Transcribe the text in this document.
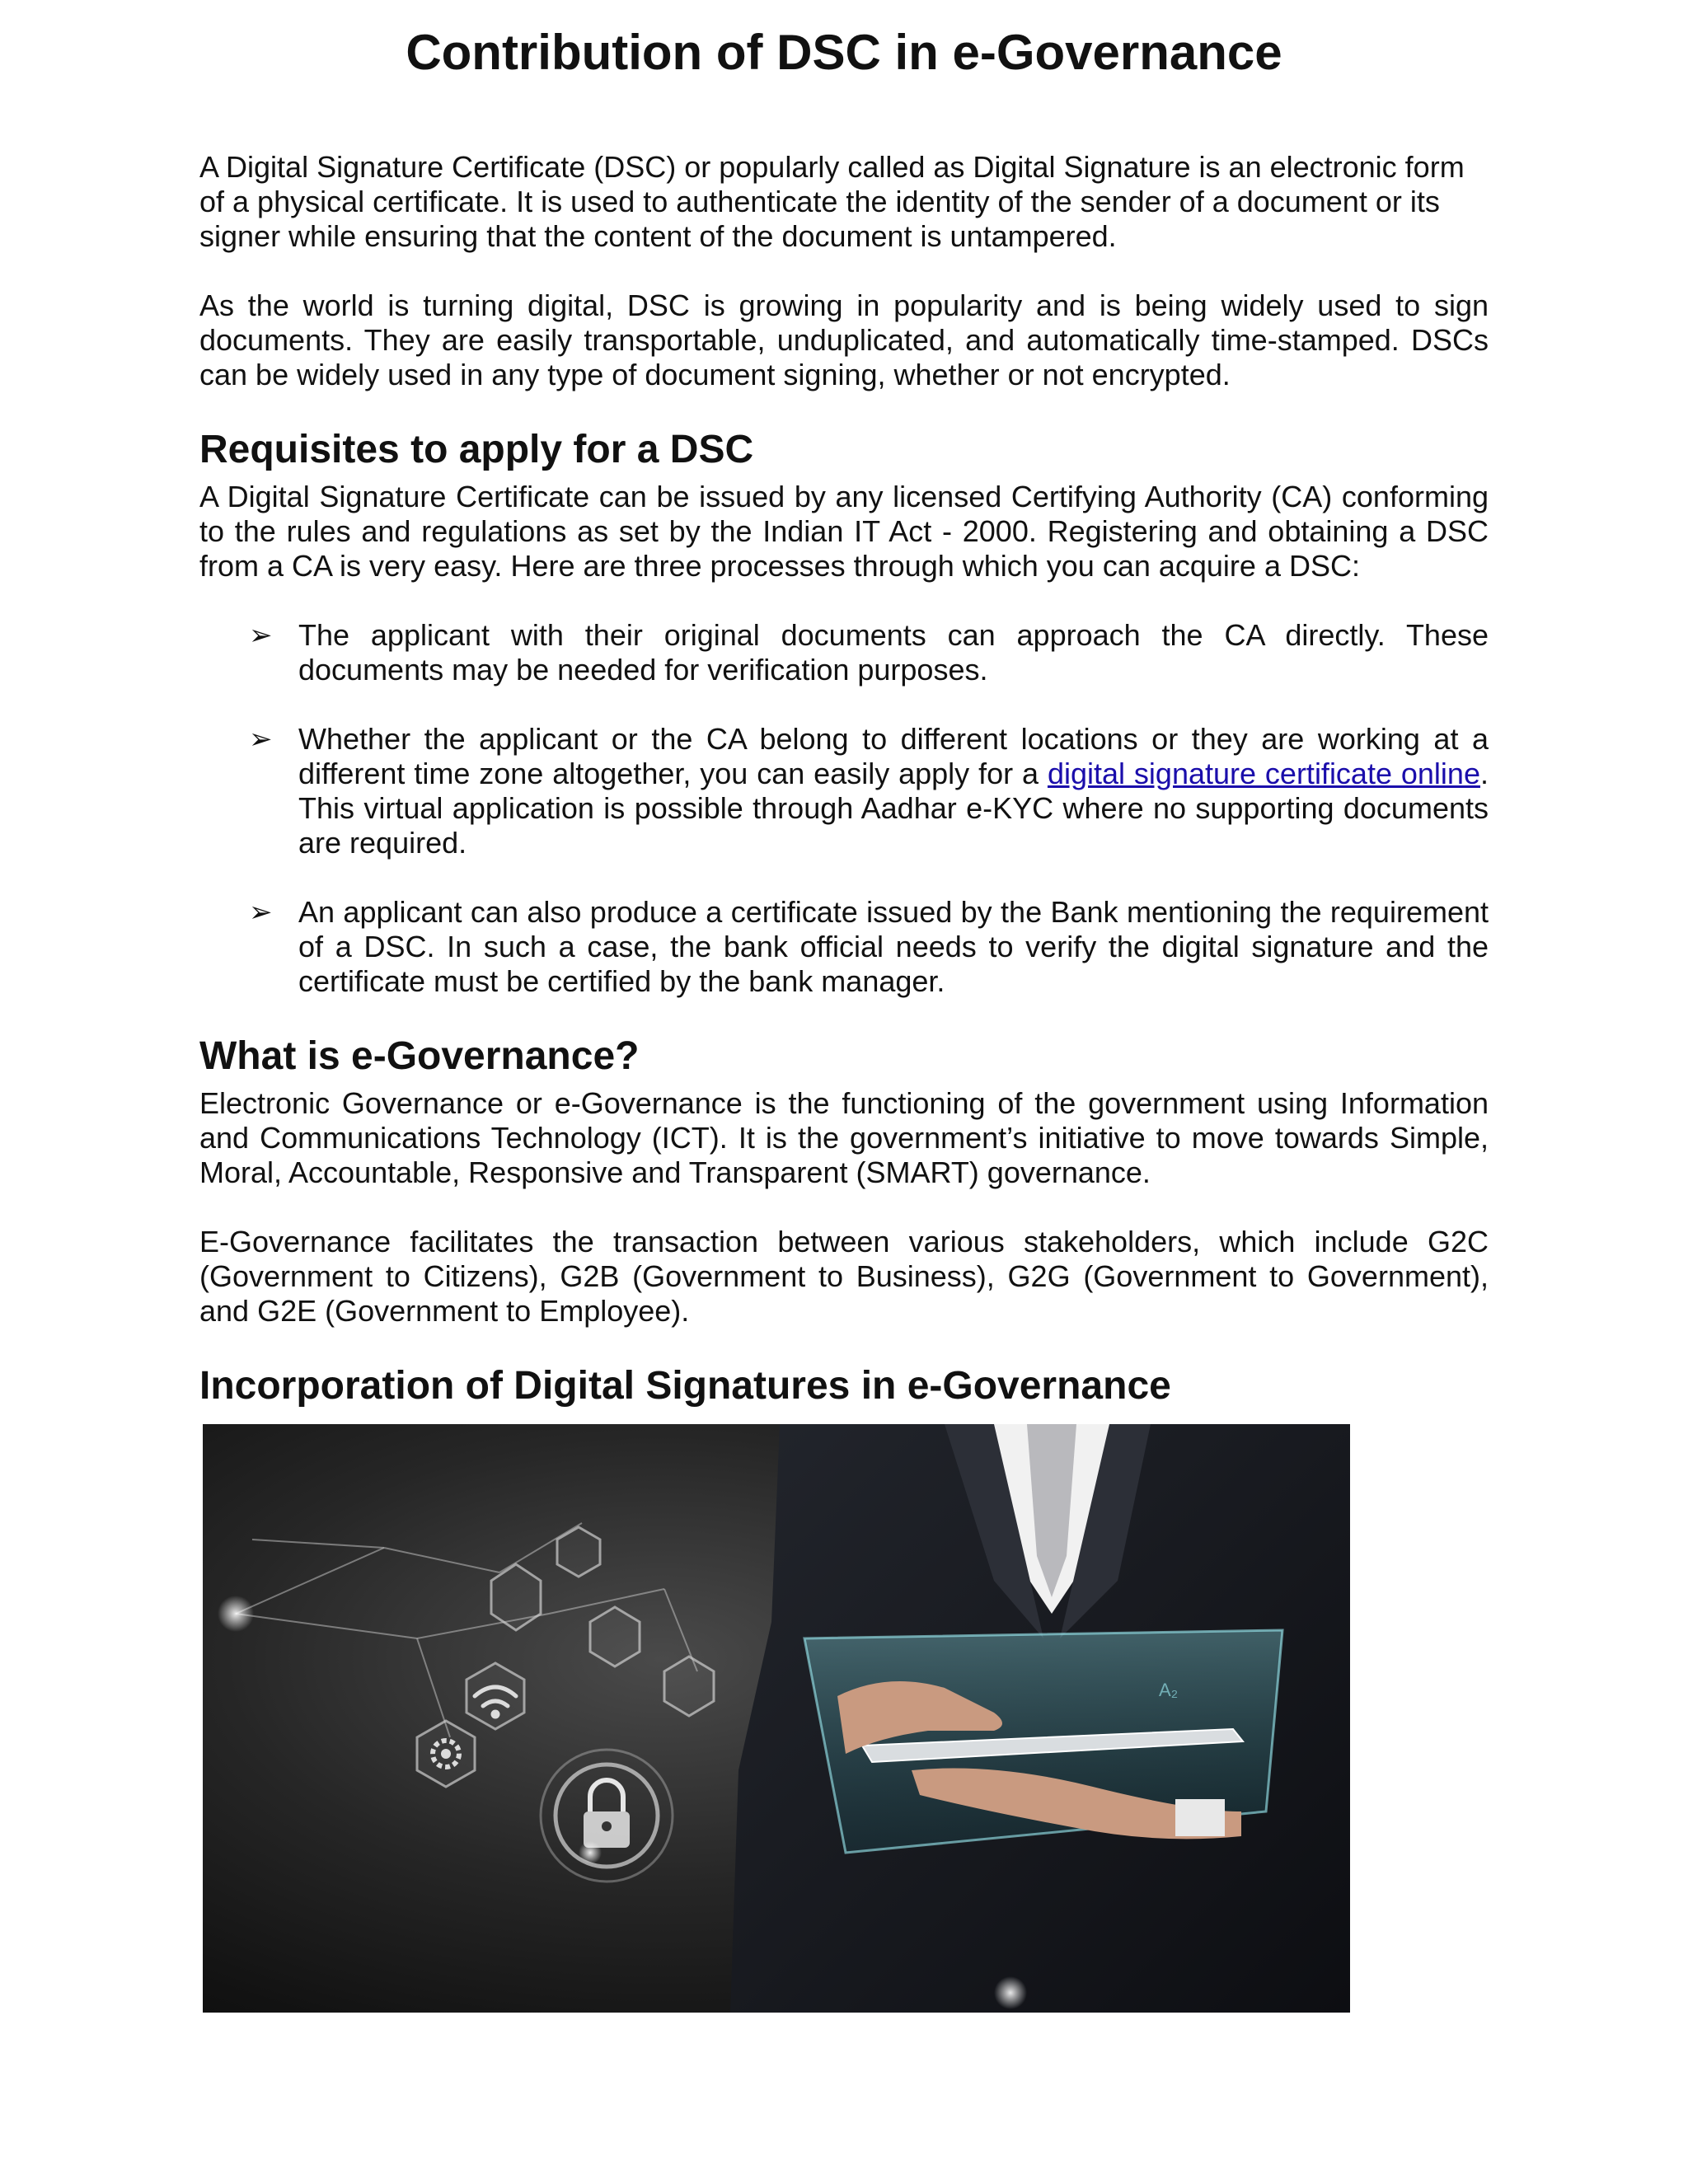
Contribution of DSC in e-Governance

A Digital Signature Certificate (DSC) or popularly called as Digital Signature is an electronic form of a physical certificate. It is used to authenticate the identity of the sender of a document or its signer while ensuring that the content of the document is untampered.

As the world is turning digital, DSC is growing in popularity and is being widely used to sign documents. They are easily transportable, unduplicated, and automatically time-stamped. DSCs can be widely used in any type of document signing, whether or not encrypted.

Requisites to apply for a DSC

A Digital Signature Certificate can be issued by any licensed Certifying Authority (CA) conforming to the rules and regulations as set by the Indian IT Act - 2000. Registering and obtaining a DSC from a CA is very easy. Here are three processes through which you can acquire a DSC:

➢ The applicant with their original documents can approach the CA directly. These documents may be needed for verification purposes.
➢ Whether the applicant or the CA belong to different locations or they are working at a different time zone altogether, you can easily apply for a digital signature certificate online. This virtual application is possible through Aadhar e-KYC where no supporting documents are required.
➢ An applicant can also produce a certificate issued by the Bank mentioning the requirement of a DSC. In such a case, the bank official needs to verify the digital signature and the certificate must be certified by the bank manager.
What is e-Governance?

Electronic Governance or e-Governance is the functioning of the government using Information and Communications Technology (ICT). It is the government’s initiative to move towards Simple, Moral, Accountable, Responsive and Transparent (SMART) governance.

E-Governance facilitates the transaction between various stakeholders, which include G2C (Government to Citizens), G2B (Government to Business), G2G (Government to Government), and G2E (Government to Employee).

Incorporation of Digital Signatures in e-Governance
A₂
